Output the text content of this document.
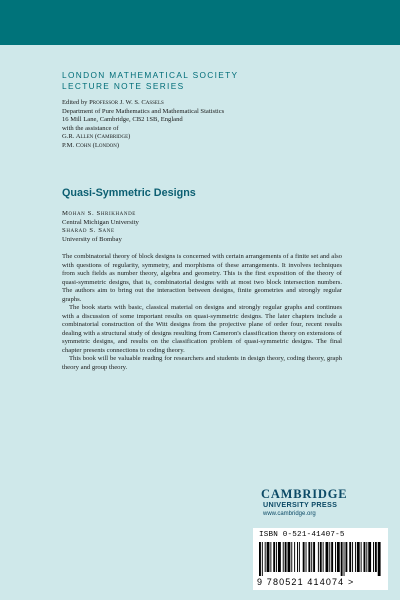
LONDON MATHEMATICAL SOCIETY
LECTURE NOTE SERIES
Edited by Professor J. W. S. Cassels
Department of Pure Mathematics and Mathematical Statistics
16 Mill Lane, Cambridge, CB2 1SB, England
with the assistance of
G.R. Allen (Cambridge)
P.M. Cohn (London)
Quasi-Symmetric Designs
Mohan S. Shrikhande
Central Michigan University
Sharad S. Sane
University of Bombay

The combinatorial theory of block designs is concerned with certain arrangements of a finite set and also with questions of regularity, symmetry, and morphisms of these arrangements. It involves techniques from such fields as number theory, algebra and geometry. This is the first exposition of the theory of quasi-symmetric designs, that is, combinatorial designs with at most two block intersection numbers. The authors aim to bring out the interaction between designs, finite geometries and strongly regular graphs.

The book starts with basic, classical material on designs and strongly regular graphs and continues with a discussion of some important results on quasi-symmetric designs. The later chapters include a combinatorial construction of the Witt designs from the projective plane of order four, recent results dealing with a structural study of designs resulting from Cameron's classification theory on extensions of symmetric designs, and results on the classification problem of quasi-symmetric designs. The final chapter presents connections to coding theory.

This book will be valuable reading for researchers and students in design theory, coding theory, graph theory and group theory.

CAMBRIDGE
UNIVERSITY PRESS
www.cambridge.org
ISBN 0-521-41407-5
9 780521 414074 >
